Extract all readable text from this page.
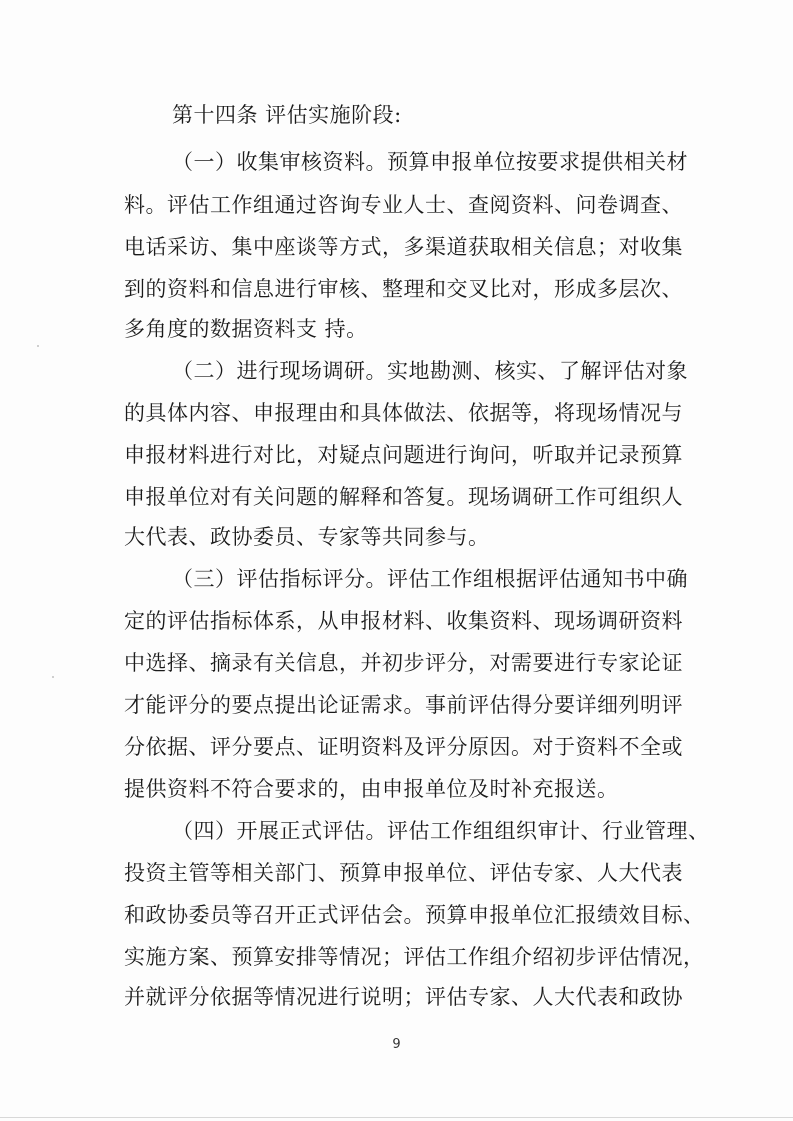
第十四条 评估实施阶段:
（一）收集审核资料。预算申报单位按要求提供相关材
料。评估工作组通过咨询专业人士、查阅资料、问卷调查、
电话采访、集中座谈等方式，多渠道获取相关信息；对收集
到的资料和信息进行审核、整理和交叉比对，形成多层次、
多角度的数据资料支 持。
（二）进行现场调研。实地勘测、核实、了解评估对象
的具体内容、申报理由和具体做法、依据等，将现场情况与
申报材料进行对比，对疑点问题进行询问，听取并记录预算
申报单位对有关问题的解释和答复。现场调研工作可组织人
大代表、政协委员、专家等共同参与。
（三）评估指标评分。评估工作组根据评估通知书中确
定的评估指标体系，从申报材料、收集资料、现场调研资料
中选择、摘录有关信息，并初步评分，对需要进行专家论证
才能评分的要点提出论证需求。事前评估得分要详细列明评
分依据、评分要点、证明资料及评分原因。对于资料不全或
提供资料不符合要求的，由申报单位及时补充报送。
（四）开展正式评估。评估工作组组织审计、行业管理、
投资主管等相关部门、预算申报单位、评估专家、人大代表
和政协委员等召开正式评估会。预算申报单位汇报绩效目标、
实施方案、预算安排等情况；评估工作组介绍初步评估情况，
并就评分依据等情况进行说明；评估专家、人大代表和政协
9
